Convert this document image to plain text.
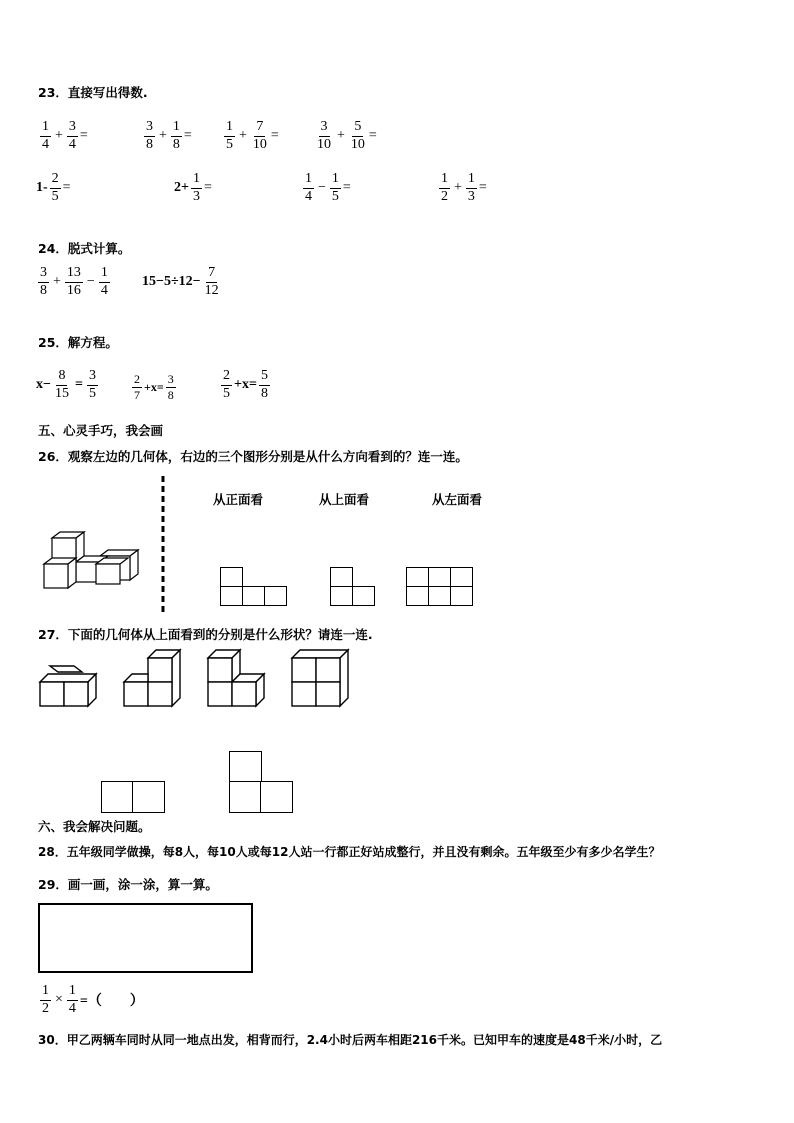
23．直接写出得数.
$\frac{1}{4} + \frac{3}{4}$ =	$\frac{3}{8} + \frac{1}{8} = \frac{1}{5} + \frac{7}{10}$ =	$\frac{3}{10} + \frac{5}{10}$ =
$1- \frac{2}{5}$ =	$2+ \frac{1}{3}$ =	$\frac{1}{4} - \frac{1}{5}$ =	$\frac{1}{2} + \frac{1}{3}$ =
24．脱式计算。
$\frac{3}{8} + \frac{13}{16} - \frac{1}{4} 15-5\div 12- \frac{7}{12}$
25．解方程。
$x- \frac{8}{15} = \frac{3}{5}$	$\frac{2}{7} +x= \frac{3}{8}$	$\frac{2}{5} +x= \frac{5}{8}$
五、心灵手巧，我会画
26．观察左边的几何体，右边的三个图形分别是从什么方向看到的？连一连。
从正面看	从上面看	从左面看
27．下面的几何体从上面看到的分别是什么形状？请连一连.
六、我会解决问题。
28．五年级同学做操，每8人，每10人或每12人站一行都正好站成整行，并且没有剩余。五年级至少有多少名学生？
29．画一画，涂一涂，算一算。
$\frac{1}{2} \times \frac{1}{4}$ =（　　）
30．甲乙两辆车同时从同一地点出发，相背而行，2.4小时后两车相距216千米。已知甲车的速度是48千米/小时，乙
